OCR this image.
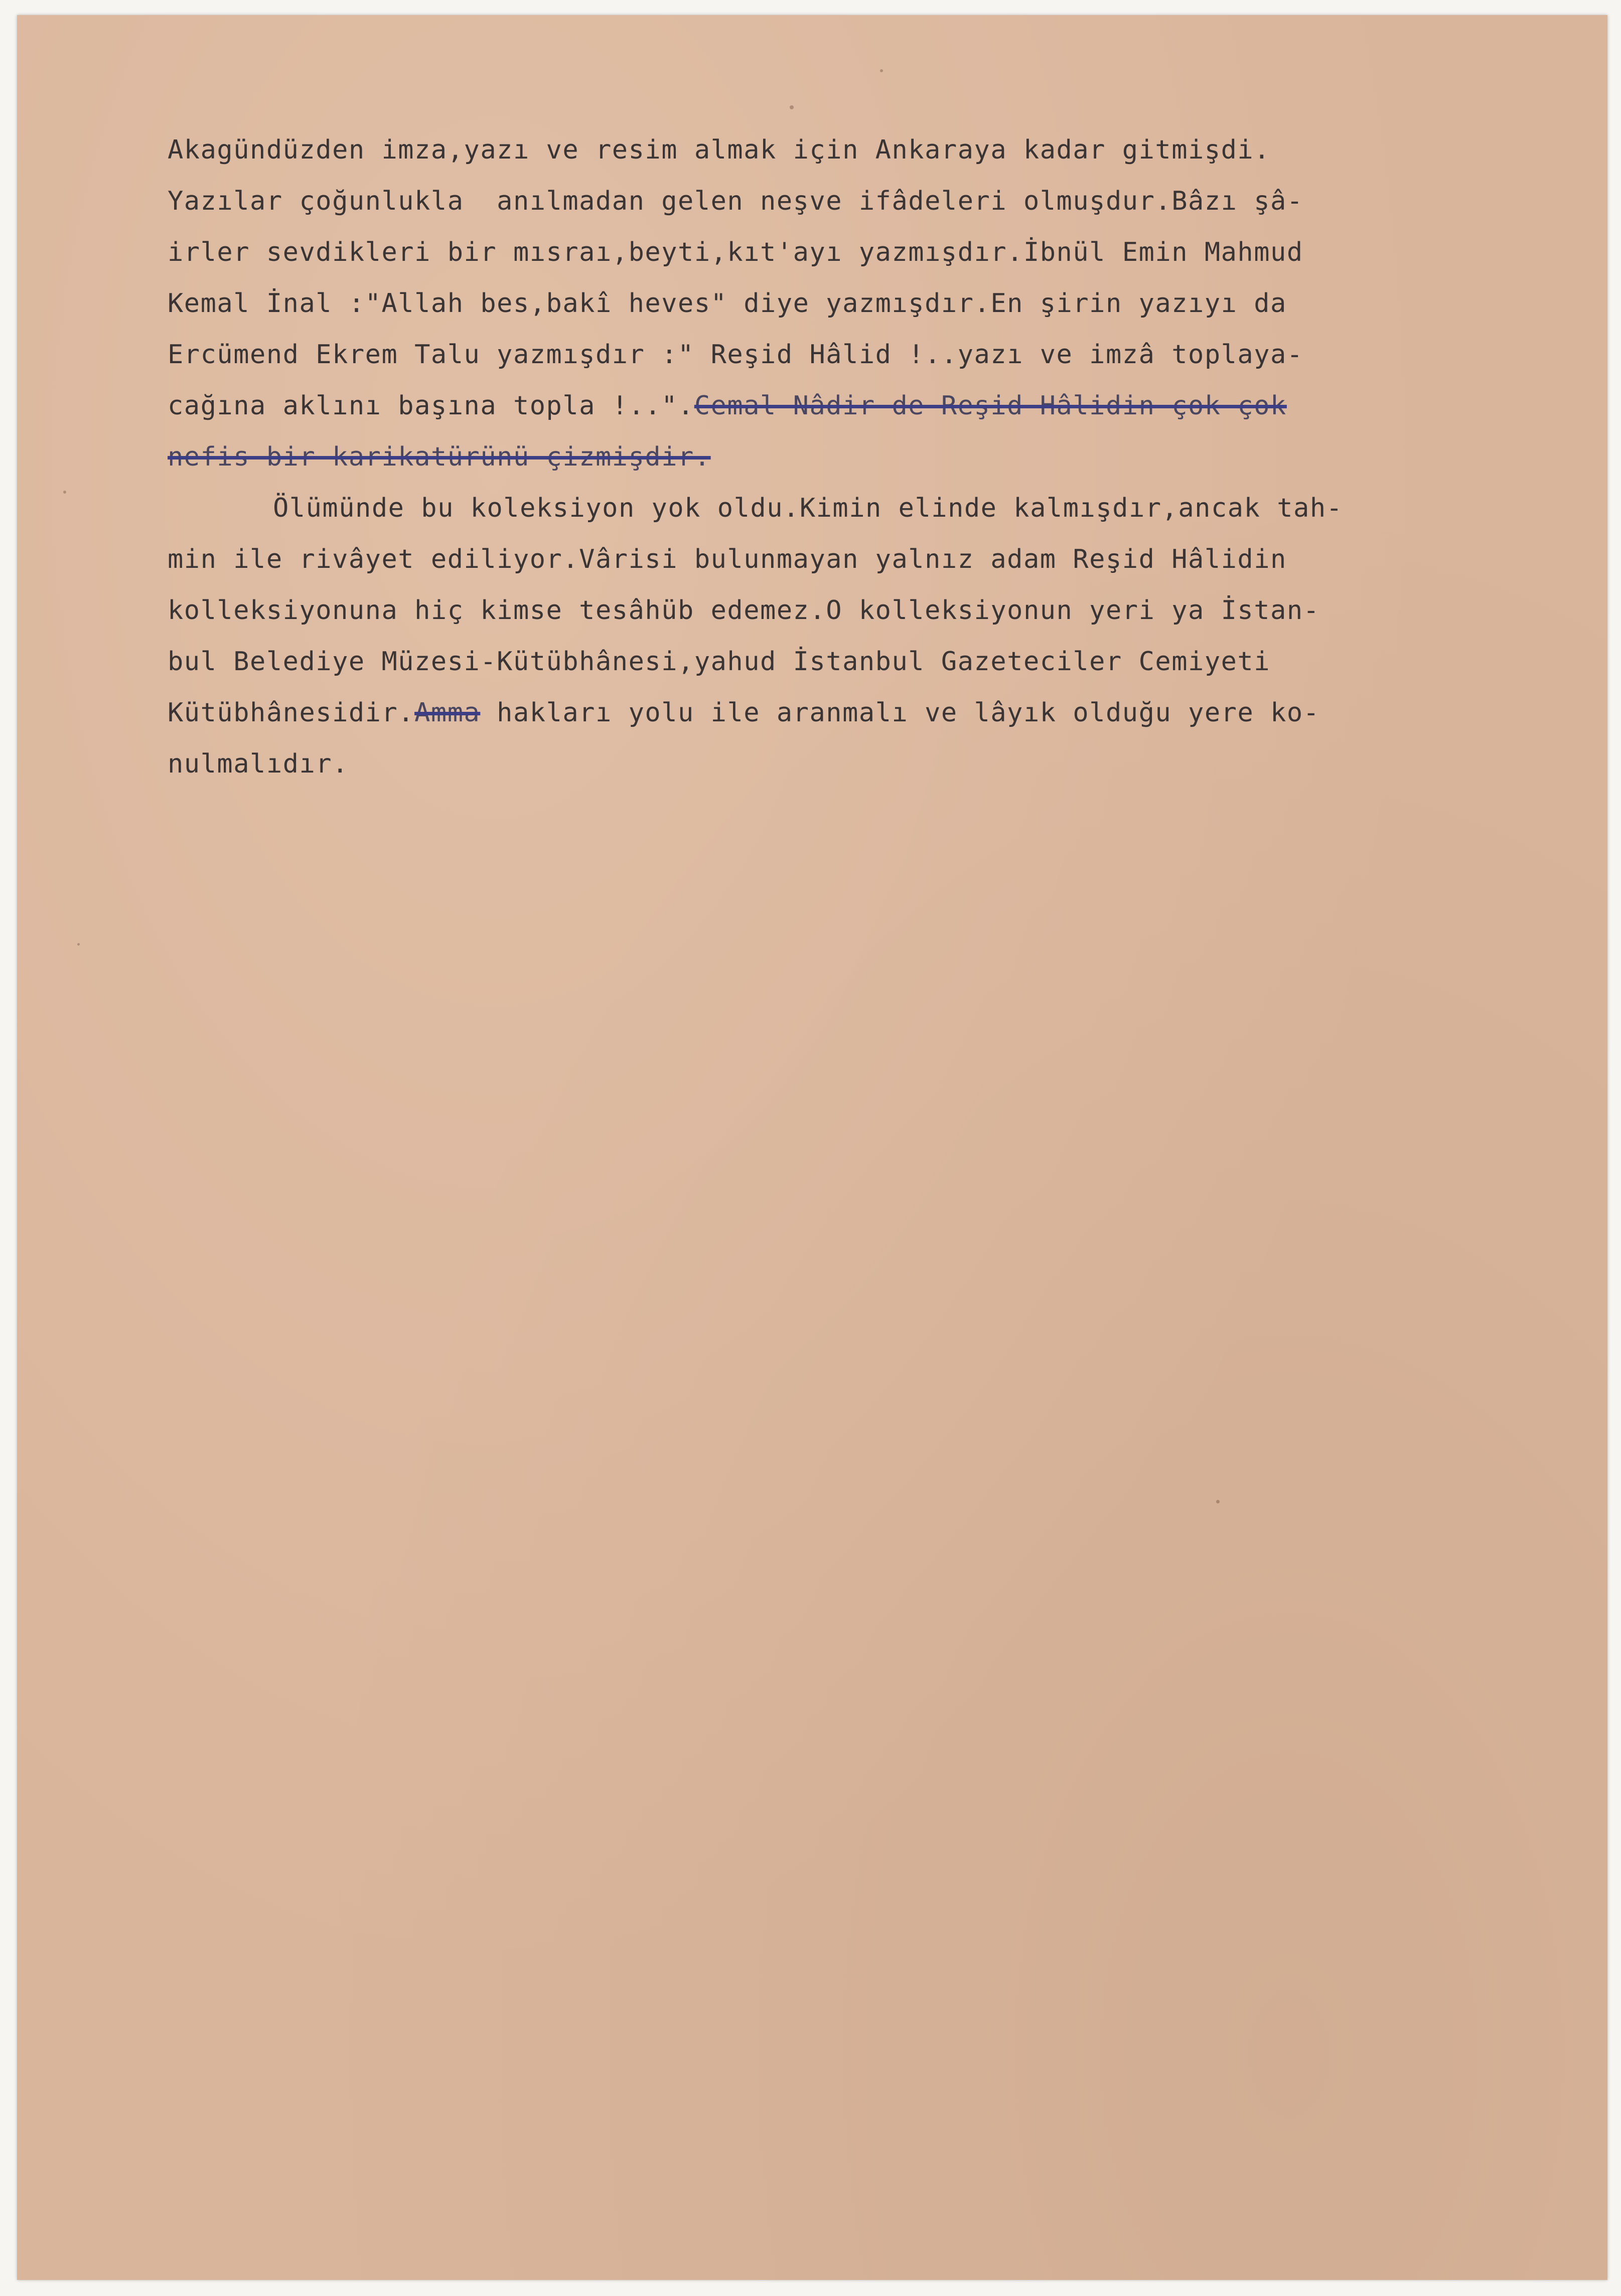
Akagündüzden imza,yazı ve resim almak için Ankaraya kadar gitmişdi.
Yazılar çoğunlukla  anılmadan gelen neşve ifâdeleri olmuşdur.Bâzı şâ-
irler sevdikleri bir mısraı,beyti,kıt'ayı yazmışdır.İbnül Emin Mahmud
Kemal İnal :"Allah bes,bakî heves" diye yazmışdır.En şirin yazıyı da
Ercümend Ekrem Talu yazmışdır :" Reşid Hâlid !..yazı ve imzâ toplaya-
cağına aklını başına topla !..".Cemal Nâdir de Reşid Hâlidin çok çok
nefis bir karikatürünü çizmişdir.
Ölümünde bu koleksiyon yok oldu.Kimin elinde kalmışdır,ancak tah-
min ile rivâyet ediliyor.Vârisi bulunmayan yalnız adam Reşid Hâlidin
kolleksiyonuna hiç kimse tesâhüb edemez.O kolleksiyonun yeri ya İstan-
bul Belediye Müzesi-Kütübhânesi,yahud İstanbul Gazeteciler Cemiyeti
Kütübhânesidir.Amma hakları yolu ile aranmalı ve lâyık olduğu yere ko-
nulmalıdır.
